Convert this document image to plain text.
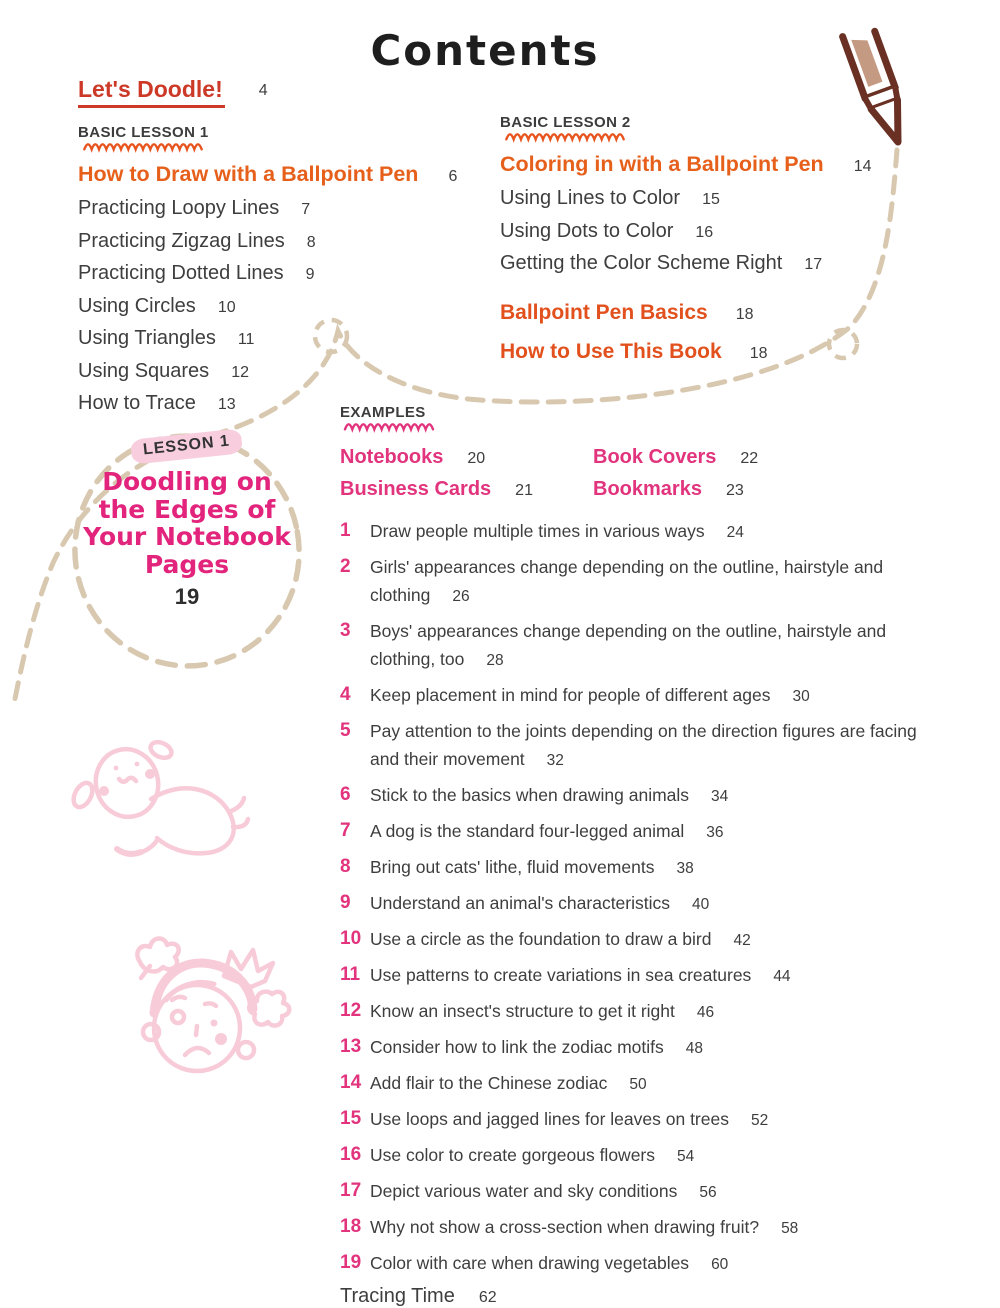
Contents
Let's Doodle! 4
BASIC LESSON 1
How to Draw with a Ballpoint Pen 6
Practicing Loopy Lines 7
Practicing Zigzag Lines 8
Practicing Dotted Lines 9
Using Circles 10
Using Triangles 11
Using Squares 12
How to Trace 13
BASIC LESSON 2
Coloring in with a Ballpoint Pen 14
Using Lines to Color 15
Using Dots to Color 16
Getting the Color Scheme Right 17
Ballpoint Pen Basics 18
How to Use This Book 18
LESSON 1
Doodling on
the Edges of
Your Notebook
Pages
19
EXAMPLES
Notebooks 20	Book Covers 22
Business Cards 21	Bookmarks 23
1	Draw people multiple times in various ways 24

2	Girls' appearances change depending on the outline, hairstyle and clothing 26

3	Boys' appearances change depending on the outline, hairstyle and clothing, too 28

4	Keep placement in mind for people of different ages 30

5	Pay attention to the joints depending on the direction figures are facing and their movement 32

6	Stick to the basics when drawing animals 34

7	A dog is the standard four-legged animal 36

8	Bring out cats' lithe, fluid movements 38

9	Understand an animal's characteristics 40

10 Use a circle as the foundation to draw a bird 42

11 Use patterns to create variations in sea creatures 44

12 Know an insect's structure to get it right 46

13 Consider how to link the zodiac motifs 48

14 Add flair to the Chinese zodiac 50

15 Use loops and jagged lines for leaves on trees 52

16 Use color to create gorgeous flowers 54

17 Depict various water and sky conditions 56

18 Why not show a cross-section when drawing fruit? 58

19 Color with care when drawing vegetables 60

Tracing Time 62
